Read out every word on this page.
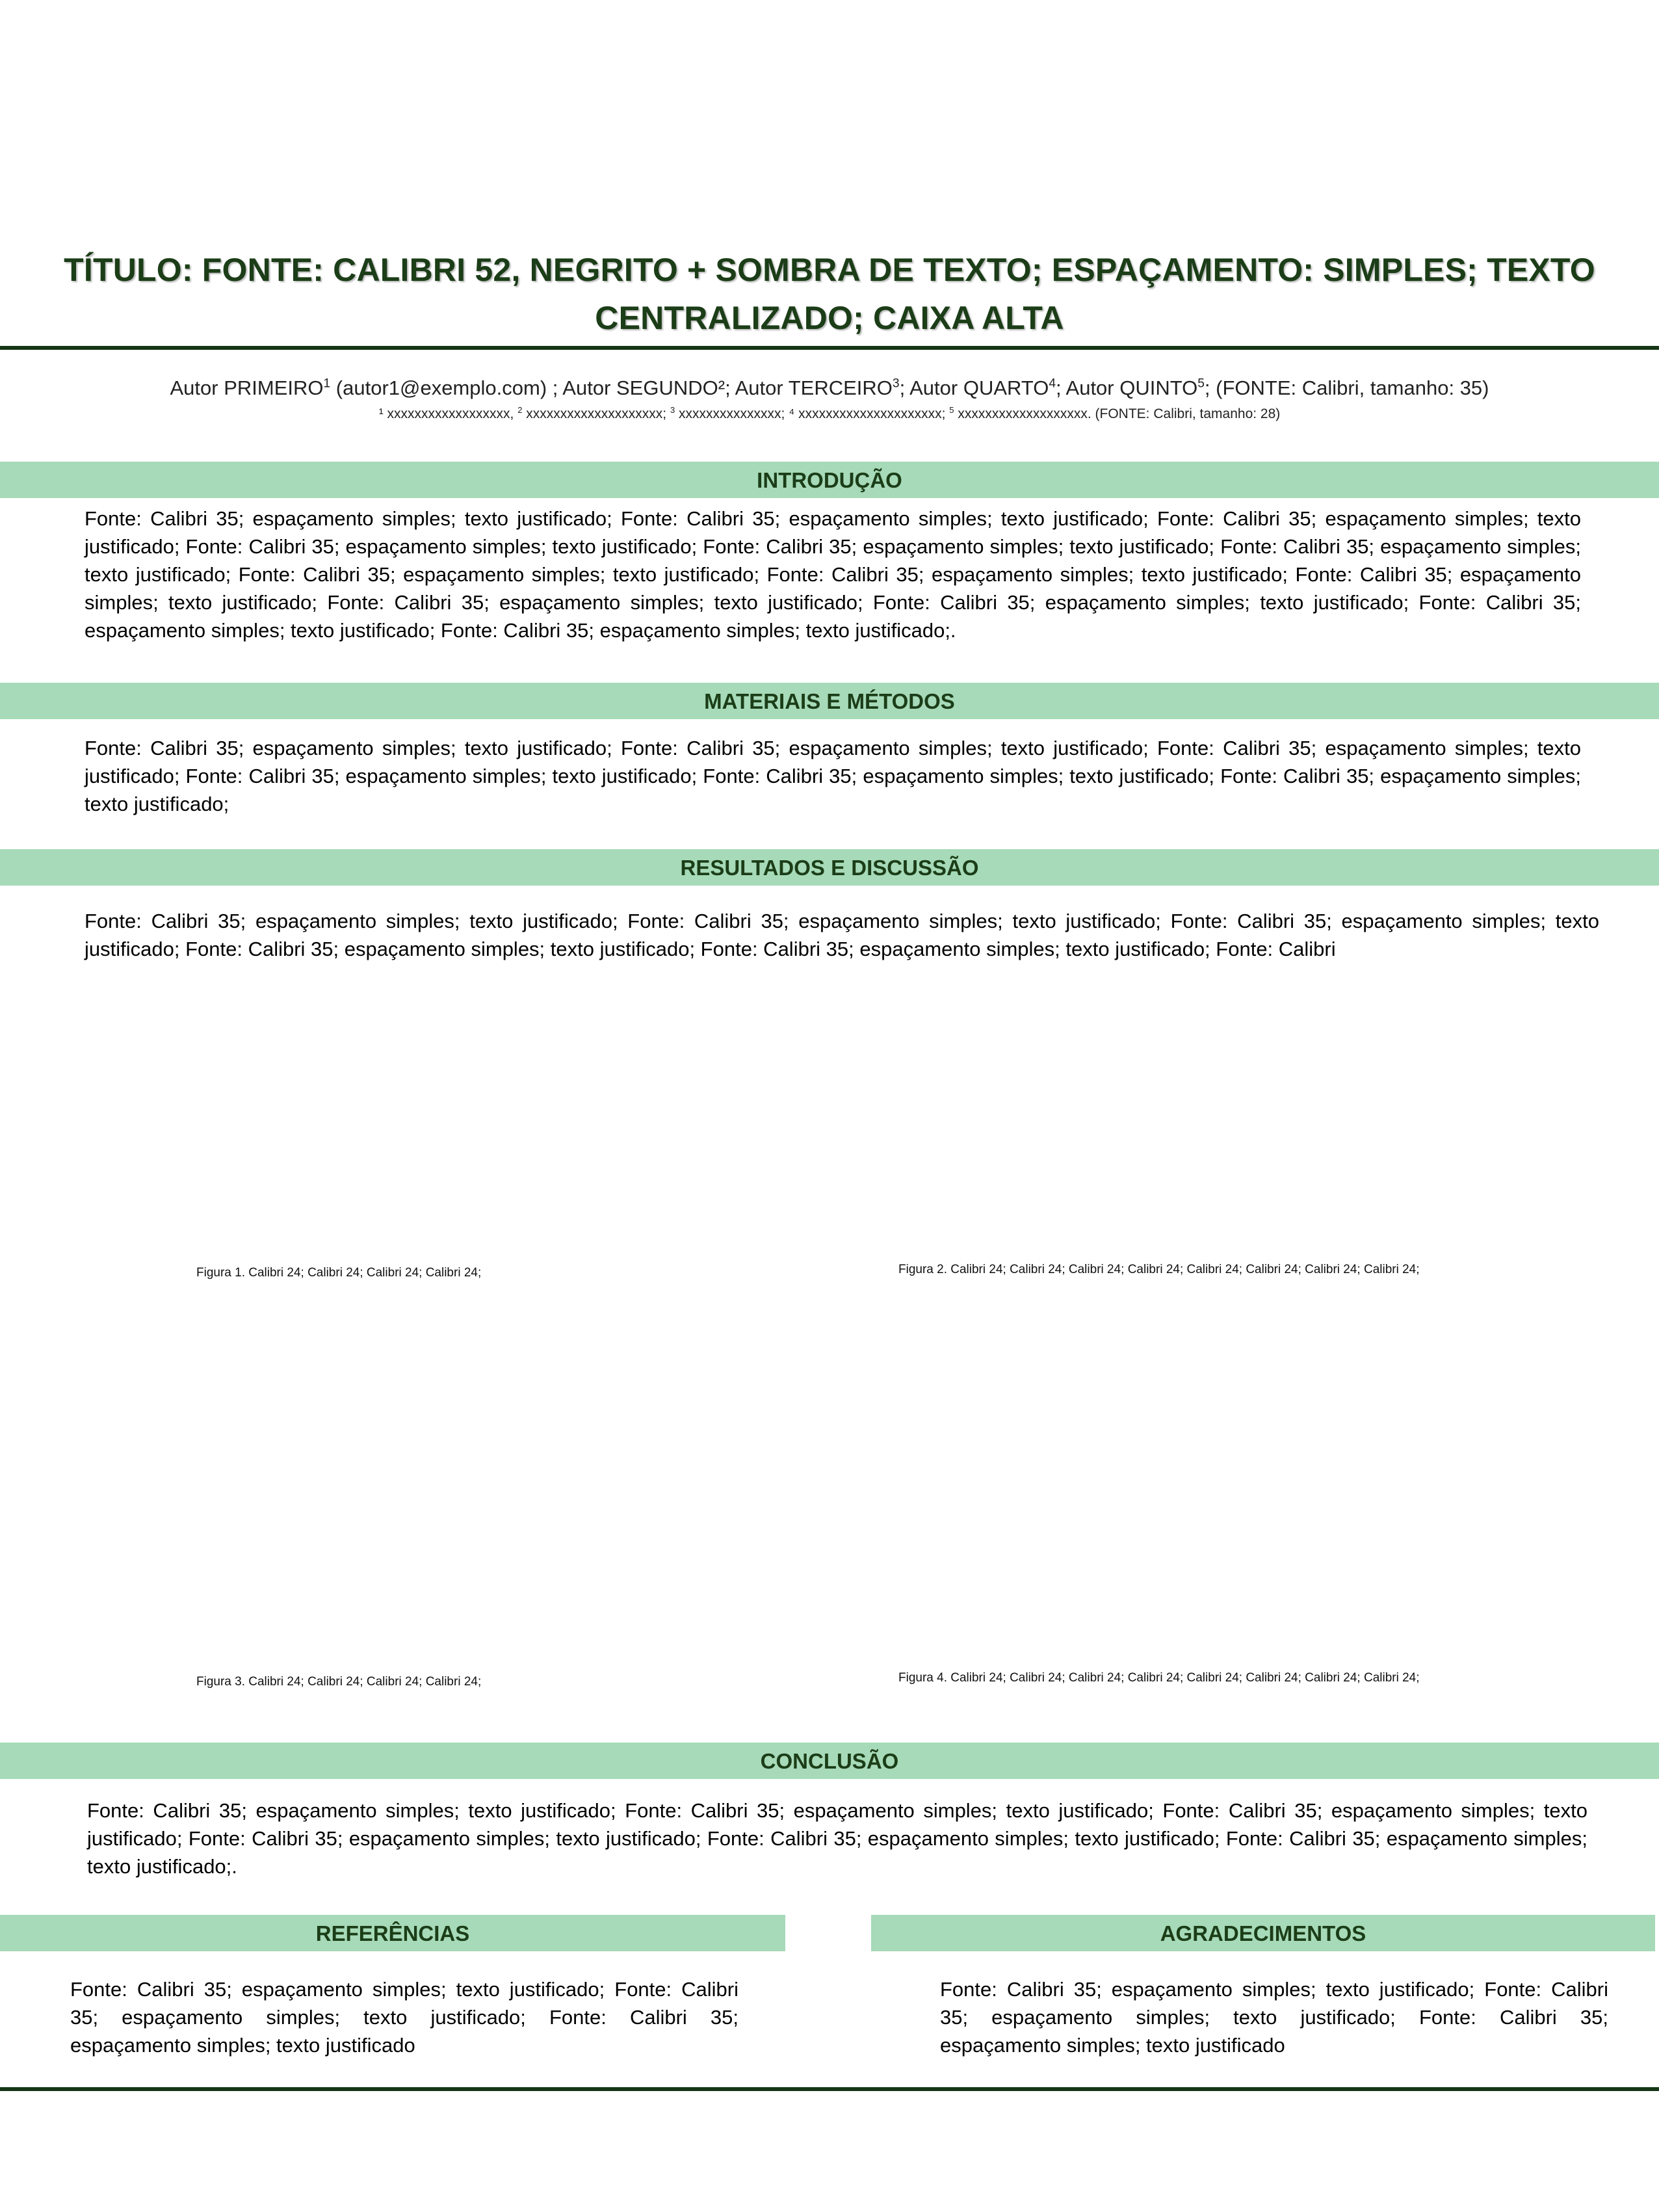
TÍTULO: FONTE: CALIBRI 52, NEGRITO + SOMBRA DE TEXTO; ESPAÇAMENTO: SIMPLES; TEXTO CENTRALIZADO; CAIXA ALTA
Autor PRIMEIRO$^1$ (autor1@exemplo.com) ; Autor SEGUNDO²; Autor TERCEIRO$^3$; Autor QUARTO$^4$; Autor QUINTO$^5$; (FONTE: Calibri, tamanho: 35)
¹ xxxxxxxxxxxxxxxxxx, $^2$ xxxxxxxxxxxxxxxxxxxx; $^3$ xxxxxxxxxxxxxxx; ⁴ xxxxxxxxxxxxxxxxxxxxx; $^5$ xxxxxxxxxxxxxxxxxxx. (FONTE: Calibri, tamanho: 28)
INTRODUÇÃO
Fonte: Calibri 35; espaçamento simples; texto justificado; Fonte: Calibri 35; espaçamento simples; texto justificado; Fonte: Calibri 35; espaçamento simples; texto justificado; Fonte: Calibri 35; espaçamento simples; texto justificado; Fonte: Calibri 35; espaçamento simples; texto justificado; Fonte: Calibri 35; espaçamento simples; texto justificado; Fonte: Calibri 35; espaçamento simples; texto justificado; Fonte: Calibri 35; espaçamento simples; texto justificado; Fonte: Calibri 35; espaçamento simples; texto justificado; Fonte: Calibri 35; espaçamento simples; texto justificado; Fonte: Calibri 35; espaçamento simples; texto justificado; Fonte: Calibri 35; espaçamento simples; texto justificado; Fonte: Calibri 35; espaçamento simples; texto justificado;.
MATERIAIS E MÉTODOS
Fonte: Calibri 35; espaçamento simples; texto justificado; Fonte: Calibri 35; espaçamento simples; texto justificado; Fonte: Calibri 35; espaçamento simples; texto justificado; Fonte: Calibri 35; espaçamento simples; texto justificado; Fonte: Calibri 35; espaçamento simples; texto justificado; Fonte: Calibri 35; espaçamento simples; texto justificado;
RESULTADOS E DISCUSSÃO
Fonte: Calibri 35; espaçamento simples; texto justificado; Fonte: Calibri 35; espaçamento simples; texto justificado; Fonte: Calibri 35; espaçamento simples; texto justificado; Fonte: Calibri 35; espaçamento simples; texto justificado; Fonte: Calibri 35; espaçamento simples; texto justificado; Fonte: Calibri
Figura 1. Calibri 24; Calibri 24; Calibri 24; Calibri 24;	Figura 2. Calibri 24; Calibri 24; Calibri 24; Calibri 24; Calibri 24; Calibri 24; Calibri 24; Calibri 24;
Figura 3. Calibri 24; Calibri 24; Calibri 24; Calibri 24;	Figura 4. Calibri 24; Calibri 24; Calibri 24; Calibri 24; Calibri 24; Calibri 24; Calibri 24; Calibri 24;
CONCLUSÃO
Fonte: Calibri 35; espaçamento simples; texto justificado; Fonte: Calibri 35; espaçamento simples; texto justificado; Fonte: Calibri 35; espaçamento simples; texto justificado; Fonte: Calibri 35; espaçamento simples; texto justificado; Fonte: Calibri 35; espaçamento simples; texto justificado; Fonte: Calibri 35; espaçamento simples; texto justificado;.
REFERÊNCIAS
Fonte: Calibri 35; espaçamento simples; texto justificado; Fonte: Calibri 35; espaçamento simples; texto justificado; Fonte: Calibri 35; espaçamento simples; texto justificado
AGRADECIMENTOS
Fonte: Calibri 35; espaçamento simples; texto justificado; Fonte: Calibri 35; espaçamento simples; texto justificado; Fonte: Calibri 35; espaçamento simples; texto justificado
